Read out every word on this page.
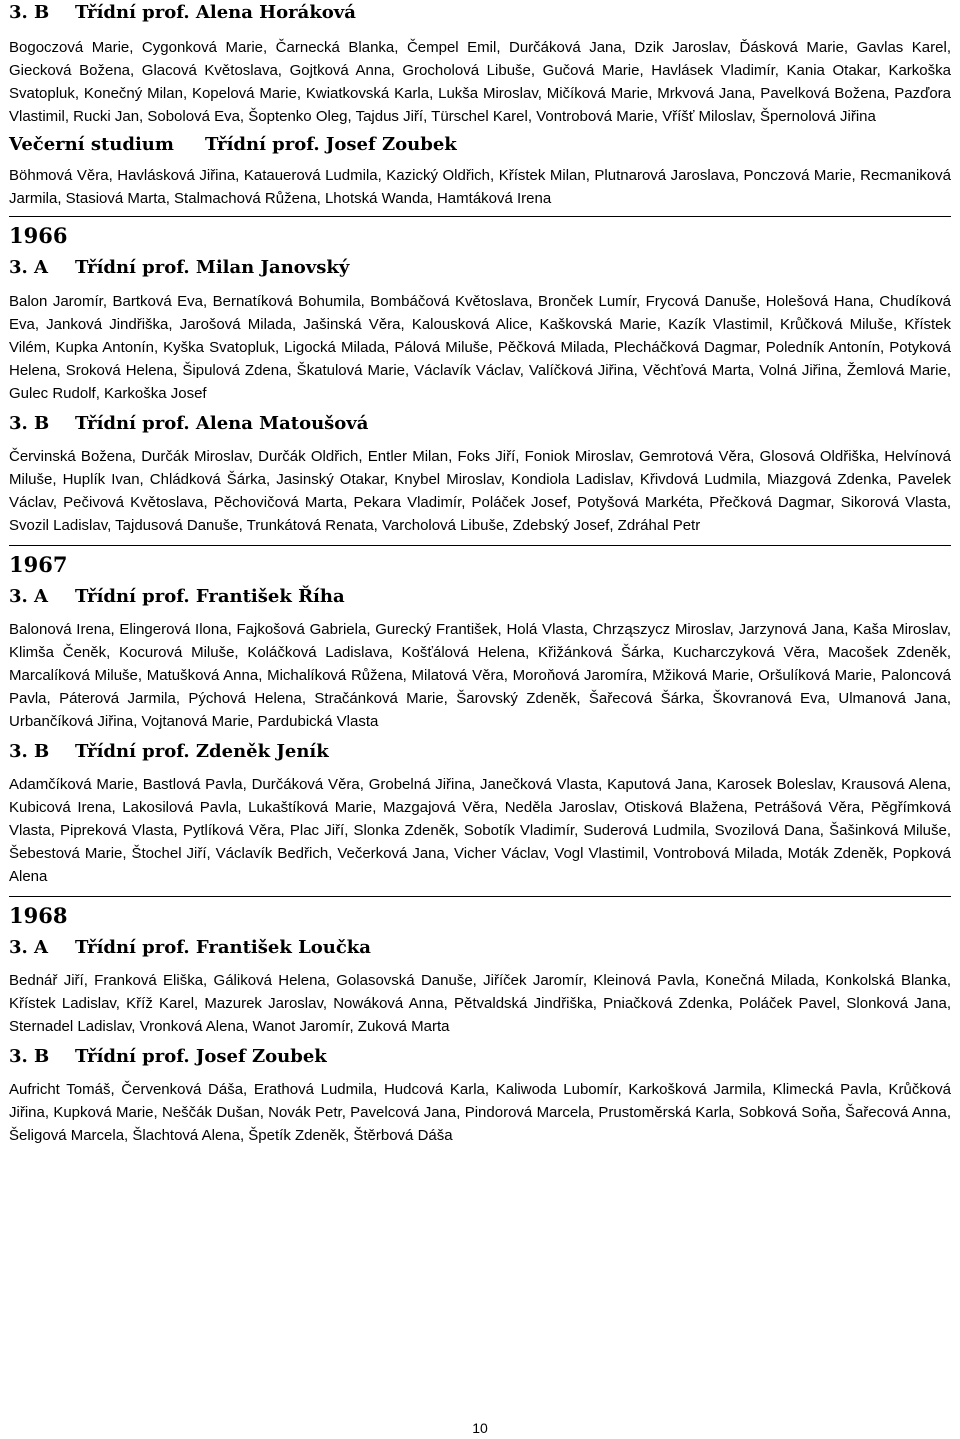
3. B Třídní prof. Alena Horáková

Bogoczová Marie, Cygonková Marie, Čarnecká Blanka, Čempel Emil, Durčáková Jana, Dzik Jaroslav, Ďásková Marie, Gavlas Karel, Giecková Božena, Glacová Květoslava, Gojtková Anna, Grocholová Libuše, Gučová Marie, Havlásek Vladimír, Kania Otakar, Karkoška Svatopluk, Konečný Milan, Kopelová Marie, Kwiatkovská Karla, Lukša Miroslav, Mičíková Marie, Mrkvová Jana, Pavelková Božena, Pazďora Vlastimil, Rucki Jan, Sobolová Eva, Šoptenko Oleg, Tajdus Jiří, Türschel Karel, Vontrobová Marie, Vříšť Miloslav, Špernolová Jiřina

Večerní studium Třídní prof. Josef Zoubek

Böhmová Věra, Havlásková Jiřina, Katauerová Ludmila, Kazický Oldřich, Křístek Milan, Plutnarová Jaroslava, Ponczová Marie, Recmaniková Jarmila, Stasiová Marta, Stalmachová Růžena, Lhotská Wanda, Hamtáková Irena

1966

3. A Třídní prof. Milan Janovský

Balon Jaromír, Bartková Eva, Bernatíková Bohumila, Bombáčová Květoslava, Bronček Lumír, Frycová Danuše, Holešová Hana, Chudíková Eva, Janková Jindřiška, Jarošová Milada, Jašinská Věra, Kalousková Alice, Kaškovská Marie, Kazík Vlastimil, Krůčková Miluše, Křístek Vilém, Kupka Antonín, Kyška Svatopluk, Ligocká Milada, Pálová Miluše, Pěčková Milada, Plecháčková Dagmar, Poledník Antonín, Potyková Helena, Sroková Helena, Šipulová Zdena, Škatulová Marie, Václavík Václav, Valíčková Jiřina, Věchťová Marta, Volná Jiřina, Žemlová Marie, Gulec Rudolf, Karkoška Josef

3. B Třídní prof. Alena Matoušová

Červinská Božena, Durčák Miroslav, Durčák Oldřich, Entler Milan, Foks Jiří, Foniok Miroslav, Gemrotová Věra, Glosová Oldřiška, Helvínová Miluše, Huplík Ivan, Chládková Šárka, Jasinský Otakar, Knybel Miroslav, Kondiola Ladislav, Křivdová Ludmila, Miazgová Zdenka, Pavelek Václav, Pečivová Květoslava, Pěchovičová Marta, Pekara Vladimír, Poláček Josef, Potyšová Markéta, Přečková Dagmar, Sikorová Vlasta, Svozil Ladislav, Tajdusová Danuše, Trunkátová Renata, Varcholová Libuše, Zdebský Josef, Zdráhal Petr

1967

3. A Třídní prof. František Říha

Balonová Irena, Elingerová Ilona, Fajkošová Gabriela, Gurecký František, Holá Vlasta, Chrząszycz Miroslav, Jarzynová Jana, Kaša Miroslav, Klimša Čeněk, Kocurová Miluše, Koláčková Ladislava, Košťálová Helena, Křižánková Šárka, Kucharczyková Věra, Macošek Zdeněk, Marcalíková Miluše, Matušková Anna, Michalíková Růžena, Milatová Věra, Moroňová Jaromíra, Mžiková Marie, Oršulíková Marie, Paloncová Pavla, Páterová Jarmila, Pýchová Helena, Stračánková Marie, Šarovský Zdeněk, Šařecová Šárka, Škovranová Eva, Ulmanová Jana, Urbančíková Jiřina, Vojtanová Marie, Pardubická Vlasta

3. B Třídní prof. Zdeněk Jeník

Adamčíková Marie, Bastlová Pavla, Durčáková Věra, Grobelná Jiřina, Janečková Vlasta, Kaputová Jana, Karosek Boleslav, Krausová Alena, Kubicová Irena, Lakosilová Pavla, Lukaštíková Marie, Mazgajová Věra, Neděla Jaroslav, Otisková Blažena, Petrášová Věra, Pěgřímková Vlasta, Pipreková Vlasta, Pytlíková Věra, Plac Jiří, Slonka Zdeněk, Sobotík Vladimír, Suderová Ludmila, Svozilová Dana, Šašinková Miluše, Šebestová Marie, Štochel Jiří, Václavík Bedřich, Večerková Jana, Vicher Václav, Vogl Vlastimil, Vontrobová Milada, Moták Zdeněk, Popková Alena

1968

3. A Třídní prof. František Loučka

Bednář Jiří, Franková Eliška, Gáliková Helena, Golasovská Danuše, Jiříček Jaromír, Kleinová Pavla, Konečná Milada, Konkolská Blanka, Křístek Ladislav, Kříž Karel, Mazurek Jaroslav, Nowáková Anna, Pětvaldská Jindřiška, Pniačková Zdenka, Poláček Pavel, Slonková Jana, Sternadel Ladislav, Vronková Alena, Wanot Jaromír, Zuková Marta

3. B Třídní prof. Josef Zoubek

Aufricht Tomáš, Červenková Dáša, Erathová Ludmila, Hudcová Karla, Kaliwoda Lubomír, Karkošková Jarmila, Klimecká Pavla, Krůčková Jiřina, Kupková Marie, Neščák Dušan, Novák Petr, Pavelcová Jana, Pindorová Marcela, Prustoměrská Karla, Sobková Soňa, Šařecová Anna, Šeligová Marcela, Šlachtová Alena, Špetík Zdeněk, Štěrbová Dáša

10
